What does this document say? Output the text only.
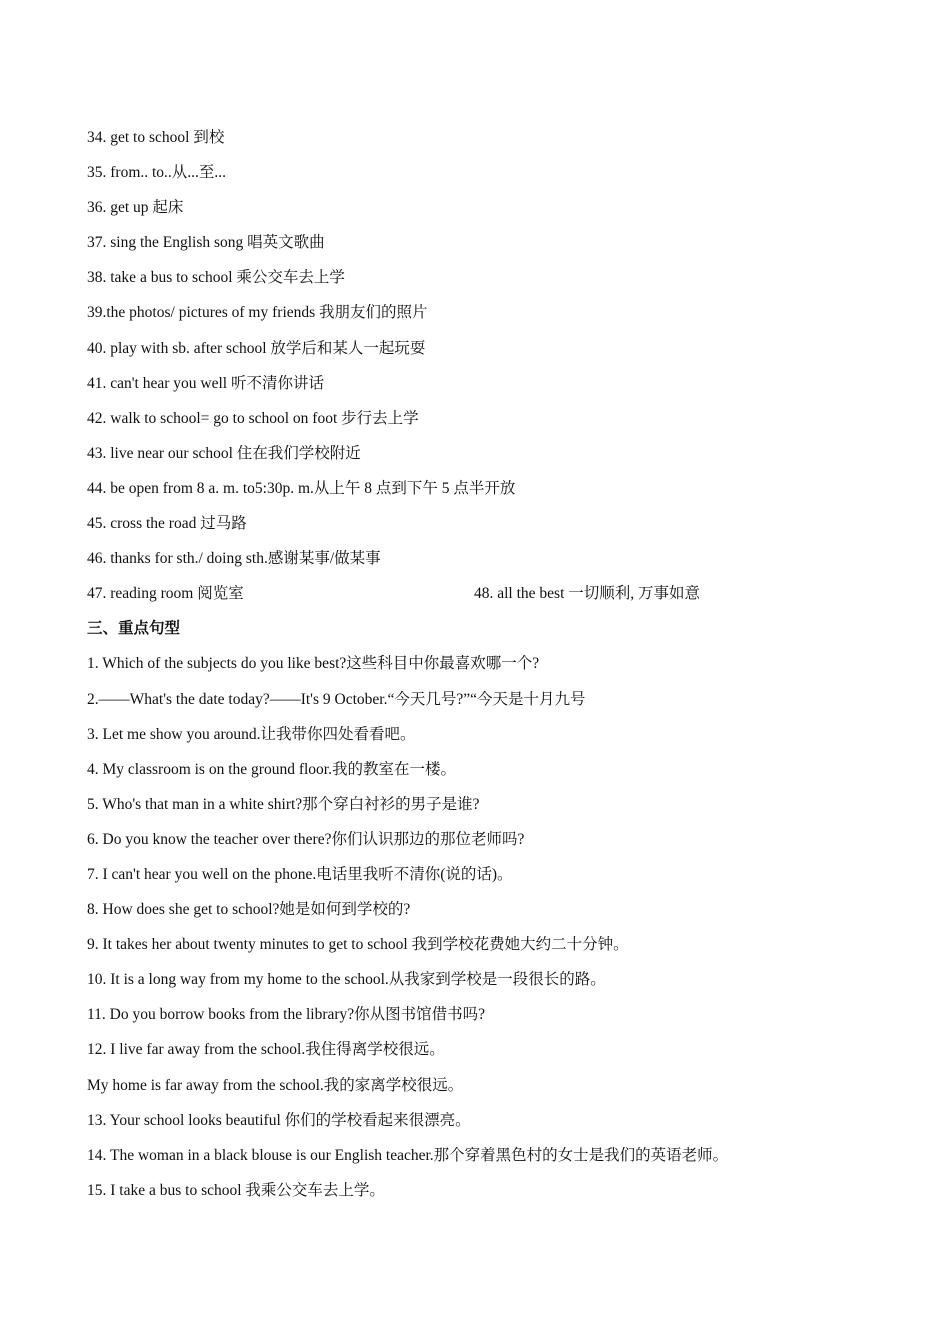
34. get to school 到校
35. from.. to..从...至...
36. get up 起床
37. sing the English song 唱英文歌曲
38. take a bus to school 乘公交车去上学
39.the photos/ pictures of my friends 我朋友们的照片
40. play with sb. after school 放学后和某人一起玩耍
41. can't hear you well 听不清你讲话
42. walk to school= go to school on foot 步行去上学
43. live near our school 住在我们学校附近
44. be open from 8 a. m. to5:30p. m.从上午 8 点到下午 5 点半开放
45. cross the road 过马路
46. thanks for sth./ doing sth.感谢某事/做某事
47. reading room 阅览室	48. all the best 一切顺利, 万事如意
三、重点句型
1. Which of the subjects do you like best?这些科目中你最喜欢哪一个?
2.——What's the date today?——It's 9 October.“今天几号?”“今天是十月九号
3. Let me show you around.让我带你四处看看吧。
4. My classroom is on the ground floor.我的教室在一楼。
5. Who's that man in a white shirt?那个穿白衬衫的男子是谁?
6. Do you know the teacher over there?你们认识那边的那位老师吗?
7. I can't hear you well on the phone.电话里我听不清你(说的话)。
8. How does she get to school?她是如何到学校的?
9. It takes her about twenty minutes to get to school 我到学校花费她大约二十分钟。
10. It is a long way from my home to the school.从我家到学校是一段很长的路。
11. Do you borrow books from the library?你从图书馆借书吗?
12. I live far away from the school.我住得离学校很远。
My home is far away from the school.我的家离学校很远。
13. Your school looks beautiful 你们的学校看起来很漂亮。
14. The woman in a black blouse is our English teacher.那个穿着黑色村的女士是我们的英语老师。
15. I take a bus to school 我乘公交车去上学。
